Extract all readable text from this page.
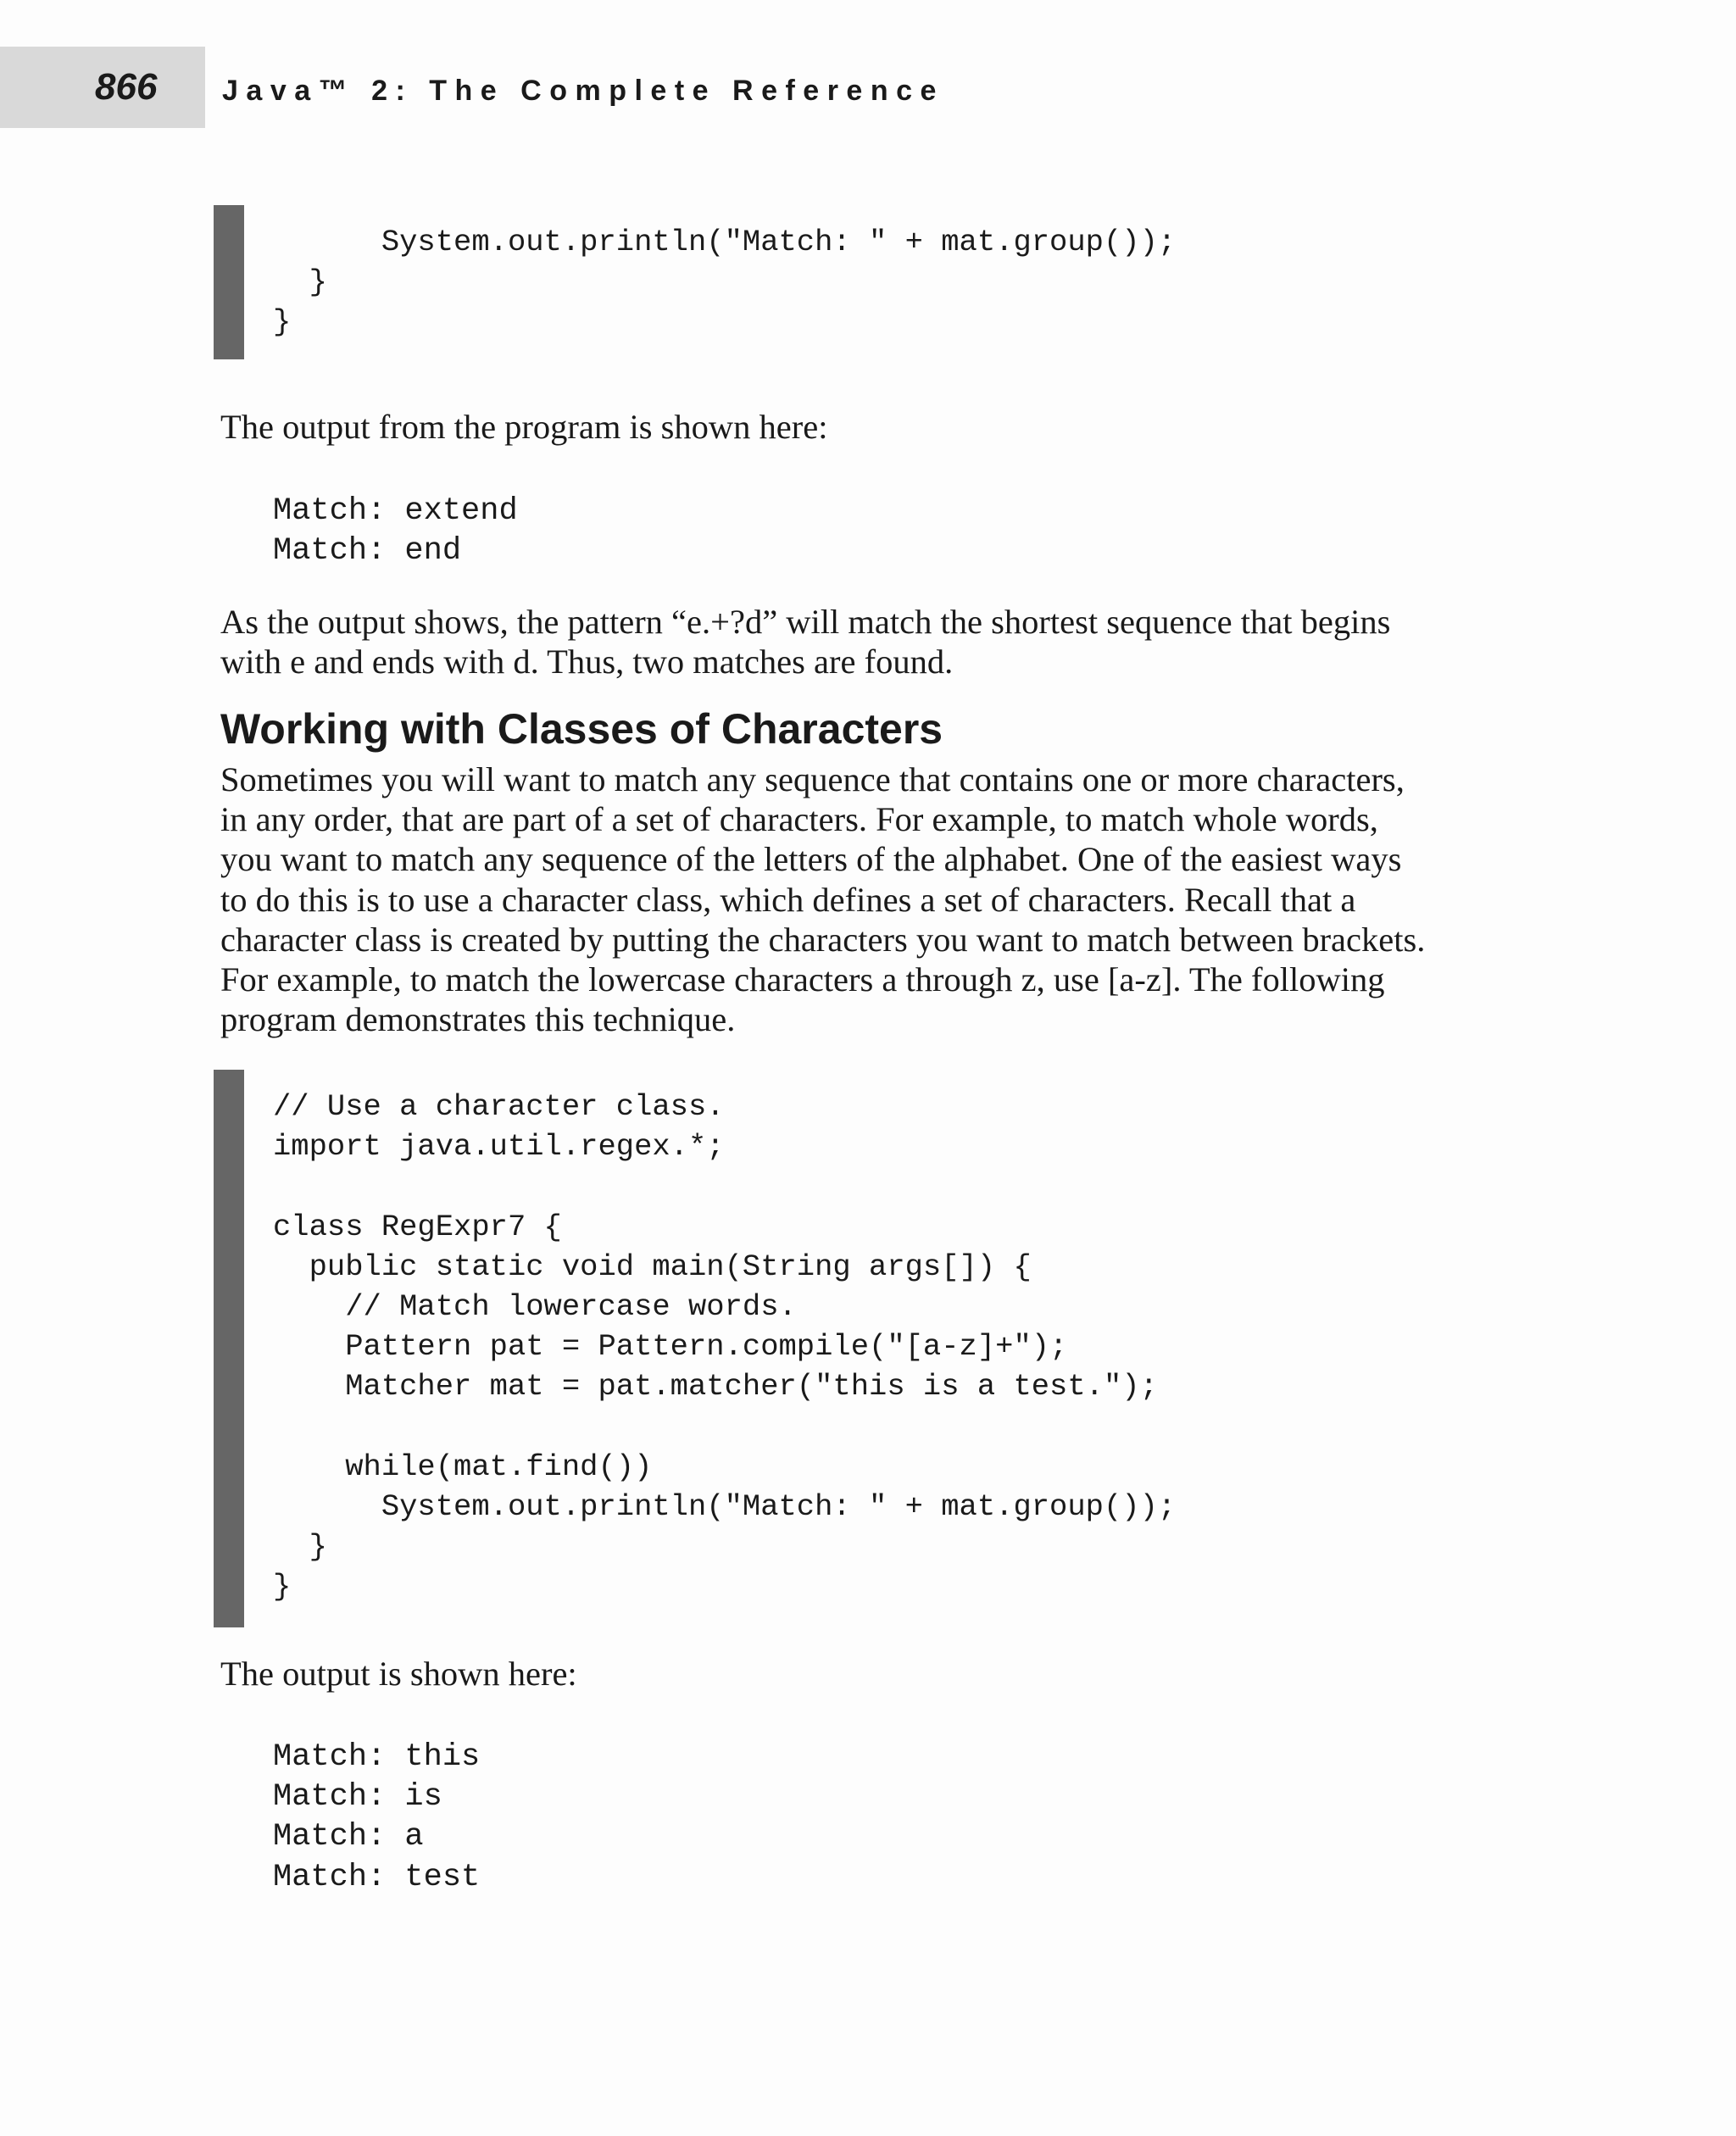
866 Java™ 2: The Complete Reference
System.out.println("Match: " + mat.group());
}
}

The output from the program is shown here:

Match: extend
Match: end

As the output shows, the pattern “e.+?d” will match the shortest sequence that begins
with e and ends with d. Thus, two matches are found.

Working with Classes of Characters

Sometimes you will want to match any sequence that contains one or more characters,
in any order, that are part of a set of characters. For example, to match whole words,
you want to match any sequence of the letters of the alphabet. One of the easiest ways
to do this is to use a character class, which defines a set of characters. Recall that a
character class is created by putting the characters you want to match between brackets.
For example, to match the lowercase characters a through z, use [a-z]. The following
program demonstrates this technique.

// Use a character class.
import java.util.regex.*;

class RegExpr7 {
public static void main(String args[]) {
// Match lowercase words.
Pattern pat = Pattern.compile("[a-z]+");
Matcher mat = pat.matcher("this is a test.");

while(mat.find())
System.out.println("Match: " + mat.group());
}
}

The output is shown here:

Match: this
Match: is
Match: a
Match: test
